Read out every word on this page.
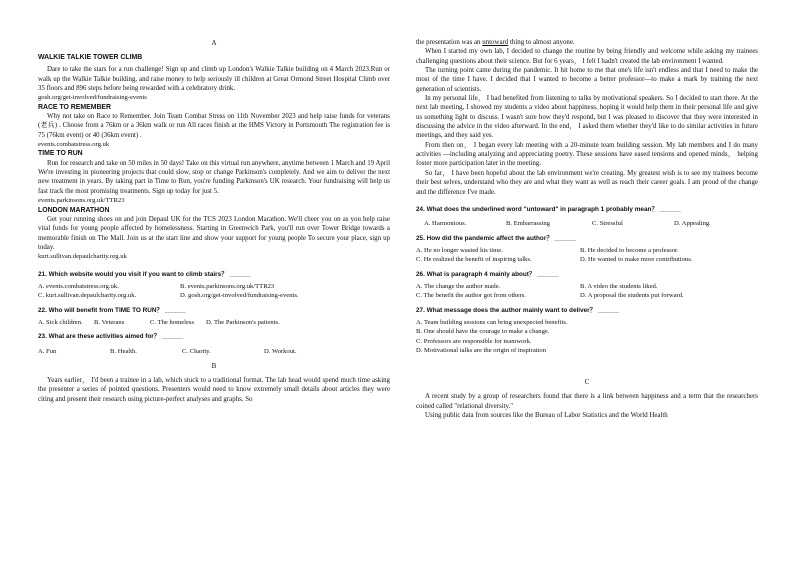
A

WALKIE TALKIE TOWER CLIMB

Dare to take the stars for a run challenge! Sign up and climb up London's Walkie Talkie building on 4 March 2023.Run or walk up the Walkie Talkie building, and raise money to help seriously ill children at Great Ormond Street Hospital Climb over 35 floors and 896 steps before being rewarded with a celebratory drink.

gosh.org/get-involved/fundraising-events

RACE TO REMEMBER

Why not take on Race to Remember. Join Team Combat Stress on 11th November 2023 and help raise funds for veterans (老兵) . Choose from a 76km or a 36km walk or run All races finish at the HMS Victory in Portsmouth The registration fee is 75 (76km event) or 40 (36km event) .

events.combatstress.org.uk

TIME TO RUN

Run for research and take on 50 miles in 50 days! Take on this virtual run anywhere, anytime between 1 March and 19 April We're investing in pioneering projects that could slow, stop or change Parkinson's completely. And we aim to deliver the next new treatment in years. By taking part in Time to Run, you're funding Parkinson's UK research. Your fundraising will help us fast track the most promising treatments. Sign up today for just 5.

events.parkinsons.org.uk/TTR23

LONDON MARATHON

Get your running shoes on and join Depaul UK for the TCS 2023 London Marathon. We'll cheer you on as you help raise vital funds for young people affected by homelessness. Starting in Greenwich Park, you'll run over Tower Bridge towards a memorable finish on The Mall. Join us at the start line and show your support for young people To secure your place, sign up today.

kurt.sullivan.depaulcharity.org.uk

21. Which website would you visit if you want to climb stairs？ ______

A. events.combatstress.org.uk.	B. events.parkinsons.org.uk/TTR23
C. kurt.sullivan.depaulcharity.org.uk.	D. gosh.org/get-involved/fundraising-events.

22. Who will benefit from TIME TO RUN？ ______

A. Sick children.	B. Veterans	C. The homeless	D. The Parkinson's patients.

23. What are these activities aimed for？ ______

A. Fun	B. Health.	C. Charity.	D. Workout.

B

Years earlier， I'd been a trainee in a lab, which stuck to a traditional format. The lab head would spend much time asking the presenter a series of pointed questions. Presenters would need to know extremely small details about articles they were citing and present their research using picture-perfect analyses and graphs. So

the presentation was an untoward thing to almost anyone.

When I started my own lab, I decided to change the routine by being friendly and welcome while asking my trainees challenging questions about their science. But for 6 years， I felt I hadn't created the lab environment I wanted.

The turning point came during the pandemic. It hit home to me that one's life isn't endless and that I need to make the most of the time I have. I decided that I wanted to become a better professor—to make a mark by training the next generation of scientists.

In my personal life， I had benefited from listening to talks by motivational speakers. So I decided to start there. At the next lab meeting, I showed my students a video about happiness, hoping it would help them in their personal life and give us something light to discuss. I wasn't sure how they'd respond, but I was pleased to discover that they were interested in discussing the advice in the video afterward. In the end， I asked them whether they'd like to do similar activities in future meetings, and they said yes.

From then on， I began every lab meeting with a 20-minute team building session. My lab members and I do many activities —including analyzing and appreciating poetry. These sessions have eased tensions and opened minds， helping foster more participation later in the meeting.

So far， I have been hopeful about the lab environment we're creating. My greatest wish is to see my trainees become their best selves, understand who they are and what they want as well as reach their career goals. I am proud of the change and the difference I've made.

24. What does the underlined word "untoward" in paragraph 1 probably mean？ ______

A. Harmonious.	B. Embarrassing	C. Stressful	D. Appealing.

25. How did the pandemic affect the author？ ______

A. He no longer wasted his time.	B. He decided to become a professor.
C. He realized the benefit of inspiring talks.	D. He wanted to make more contributions.

26. What is paragraph 4 mainly about？ ______

A. The change the author made.	B. A video the students liked.
C. The benefit the author got from others.	D. A proposal the students put forward.

27. What message does the author mainly want to deliver？ ______

A. Team building sessions can bring unexpected benefits.

B. One should have the courage to make a change.

C. Professors are responsible for teamwork.

D. Motivational talks are the origin of inspiration

C

A recent study by a group of researchers found that there is a link between happiness and a term that the researchers coined called "relational diversity."

Using public data from sources like the Bureau of Labor Statistics and the World Health
